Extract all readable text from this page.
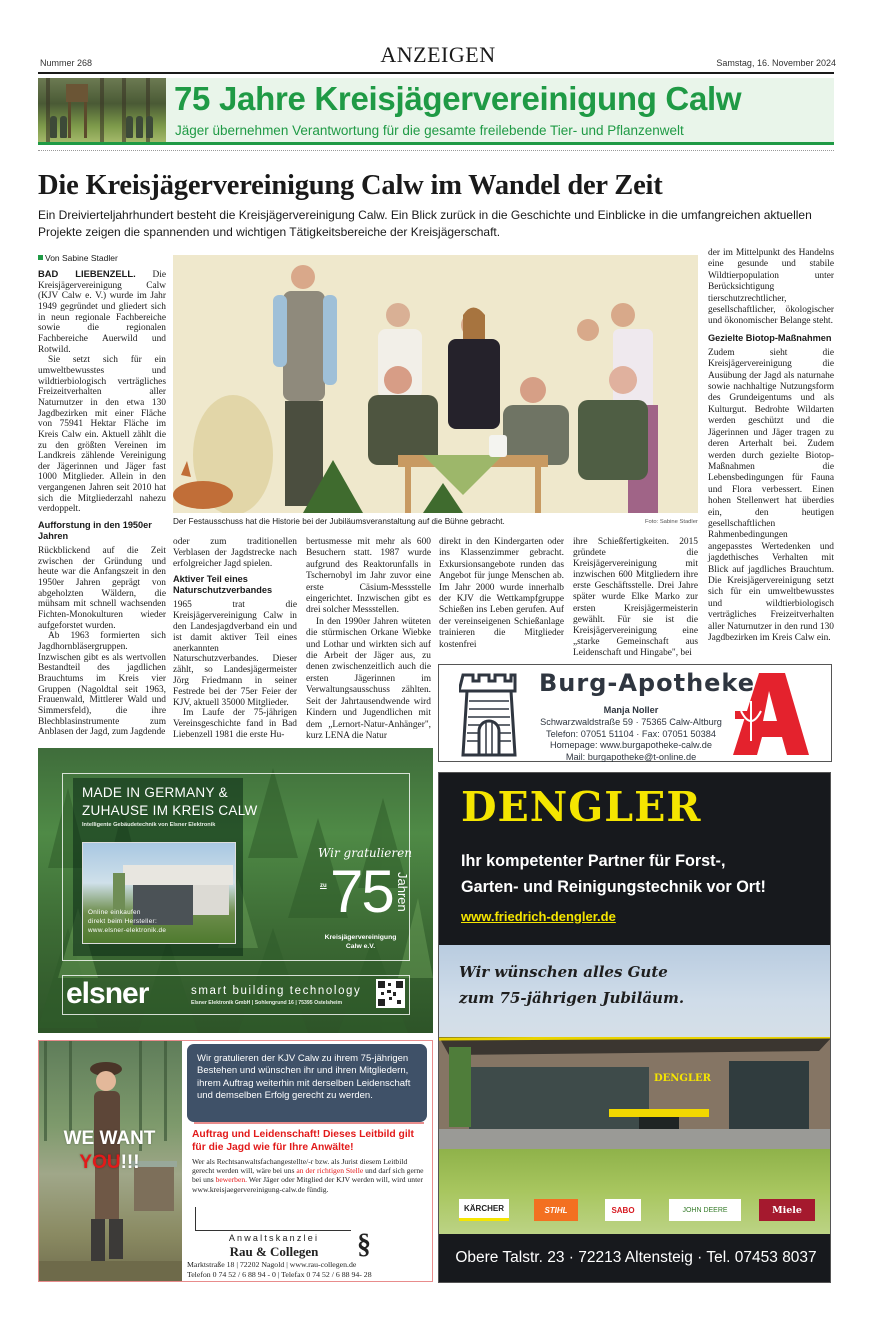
Nummer 268	ANZEIGEN	Samstag, 16. November 2024
75 Jahre Kreisjägervereinigung Calw
Jäger übernehmen Verantwortung für die gesamte freilebende Tier- und Pflanzenwelt
Die Kreisjägervereinigung Calw im Wandel der Zeit
Ein Dreivierteljahrhundert besteht die Kreisjägervereinigung Calw. Ein Blick zurück in die Geschichte und Einblicke in die umfangreichen aktuellen Projekte zeigen die spannenden und wichtigen Tätigkeitsbereiche der Kreisjägerschaft.
Von Sabine Stadler

BAD LIEBENZELL. Die Kreisjägervereinigung Calw (KJV Calw e. V.) wurde im Jahr 1949 gegründet und gliedert sich in neun regionale Fachbereiche sowie die regionalen Fachbereiche Auerwild und Rotwild.

Sie setzt sich für ein umweltbewusstes und wildtierbiologisch verträgliches Freizeitverhalten aller Naturnutzer in den etwa 130 Jagdbezirken mit einer Fläche von 75941 Hektar Fläche im Kreis Calw ein. Aktuell zählt die zu den größten Vereinen im Landkreis zählende Vereinigung der Jägerinnen und Jäger fast 1000 Mitglieder. Allein in den vergangenen Jahren seit 2010 hat sich die Mitgliederzahl nahezu verdoppelt.

Aufforstung in den 1950er Jahren

Rückblickend auf die Zeit zwischen der Gründung und heute war die Anfangszeit in den 1950er Jahren geprägt von abgeholzten Wäldern, die mühsam mit schnell wachsenden Fichten-Monokulturen wieder aufgeforstet wurden.

Ab 1963 formierten sich Jagdhornbläsergruppen. Inzwischen gibt es als wertvollen Bestandteil des jagdlichen Brauchtums im Kreis vier Gruppen (Nagoldtal seit 1963, Frauenwald, Mittlerer Wald und Simmersfeld), die ihre Blechblasinstrumente zum Anblasen der Jagd, zum Jagdende

Der Festausschuss hat die Historie bei der Jubiläumsveranstaltung auf die Bühne gebracht.	Foto: Sabine Stadler

oder zum traditionellen Verblasen der Jagdstrecke nach erfolgreicher Jagd spielen.

Aktiver Teil eines Naturschutzverbandes

1965 trat die Kreisjägervereinigung Calw in den Landesjagdverband ein und ist damit aktiver Teil eines anerkannten Naturschutzverbandes. Dieser zählt, so Landesjägermeister Jörg Friedmann in seiner Festrede bei der 75er Feier der KJV, aktuell 35000 Mitglieder.

Im Laufe der 75-jährigen Vereinsgeschichte fand in Bad Liebenzell 1981 die erste Hu-

bertusmesse mit mehr als 600 Besuchern statt. 1987 wurde aufgrund des Reaktorunfalls in Tschernobyl im Jahr zuvor eine erste Cäsium-Messstelle eingerichtet. Inzwischen gibt es drei solcher Messstellen.

In den 1990er Jahren wüteten die stürmischen Orkane Wiebke und Lothar und wirkten sich auf die Arbeit der Jäger aus, zu denen zwischenzeitlich auch die ersten Jägerinnen im Verwaltungsausschuss zählten. Seit der Jahrtausendwende wird Kindern und Jugendlichen mit dem „Lernort-Natur-Anhänger", kurz LENA die Natur

direkt in den Kindergarten oder ins Klassenzimmer gebracht. Exkursionsangebote runden das Angebot für junge Menschen ab. Im Jahr 2000 wurde innerhalb der KJV die Wettkampfgruppe Schießen ins Leben gerufen. Auf der vereinseigenen Schießanlage trainieren die Mitglieder kostenfrei

ihre Schießfertigkeiten. 2015 gründete die Kreisjägervereinigung mit inzwischen 600 Mitgliedern ihre erste Geschäftsstelle. Drei Jahre später wurde Elke Marko zur ersten Kreisjägermeisterin gewählt. Für sie ist die Kreisjägervereinigung eine „starke Gemeinschaft aus Leidenschaft und Hingabe", bei

der im Mittelpunkt des Handelns eine gesunde und stabile Wildtierpopulation unter Berücksichtigung tierschutzrechtlicher, gesellschaftlicher, ökologischer und ökonomischer Belange steht.

Gezielte Biotop-Maßnahmen

Zudem sieht die Kreisjägervereinigung die Ausübung der Jagd als naturnahe sowie nachhaltige Nutzungsform des Grundeigentums und als Kulturgut. Bedrohte Wildarten werden geschützt und die Jägerinnen und Jäger tragen zu deren Arterhalt bei. Zudem werden durch gezielte Biotop-Maßnahmen die Lebensbedingungen für Fauna und Flora verbessert. Einen hohen Stellenwert hat überdies ein, den heutigen gesellschaftlichen Rahmenbedingungen angepasstes Wertedenken und jagdethisches Verhalten mit Blick auf jagdliches Brauchtum. Die Kreisjägervereinigung setzt sich für ein umweltbewusstes und wildtierbiologisch verträgliches Freizeitverhalten aller Naturnutzer in den rund 130 Jagdbezirken im Kreis Calw ein.

Burg-Apotheke
Manja Noller
Schwarzwaldstraße 59 · 75365 Calw-Altburg
Telefon: 07051 51104 · Fax: 07051 50384
Homepage: www.burgapotheke-calw.de
Mail: burgapotheke@t-online.de
MADE IN GERMANY &
ZUHAUSE IM KREIS CALW
Intelligente Gebäudetechnik von Elsner Elektronik
Online einkaufen
direkt beim Hersteller:
www.elsner-elektronik.de
Wir gratulieren
zu 75 Jahren
Kreisjägervereinigung
Calw e.V.
elsner	smart building technology
Elsner Elektronik GmbH | Sohlengrund 16 | 75395 Ostelsheim
DENGLER
Ihr kompetenter Partner für Forst-,
Garten- und Reinigungstechnik vor Ort!
www.friedrich-dengler.de
Wir wünschen alles Gute
zum 75-jährigen Jubiläum.
DENGLER
KÄRCHER	STIHL	SABO	JOHN DEERE	Miele
Obere Talstr. 23 · 72213 Altensteig · Tel. 07453 8037
WE WANT
YOU!!!
Wir gratulieren der KJV Calw zu ihrem 75-jährigen Bestehen und wünschen ihr und ihren Mitgliedern, ihrem Auftrag weiterhin mit derselben Leidenschaft und demselben Erfolg gerecht zu werden.
Auftrag und Leidenschaft! Dieses Leitbild gilt für die Jagd wie für Ihre Anwälte!
Wer als Rechtsanwaltsfachangestellte/-r bzw. als Jurist diesem Leitbild gerecht werden will, wäre bei uns an der richtigen Stelle und darf sich gerne bei uns bewerben. Wer Jäger oder Mitglied der KJV werden will, wird unter www.kreisjaegervereinigung-calw.de fündig.
Anwaltskanzlei
Rau & Collegen	§
Marktstraße 18 | 72202 Nagold | www.rau-collegen.de
Telefon 0 74 52 / 6 88 94 - 0 | Telefax 0 74 52 / 6 88 94- 28
